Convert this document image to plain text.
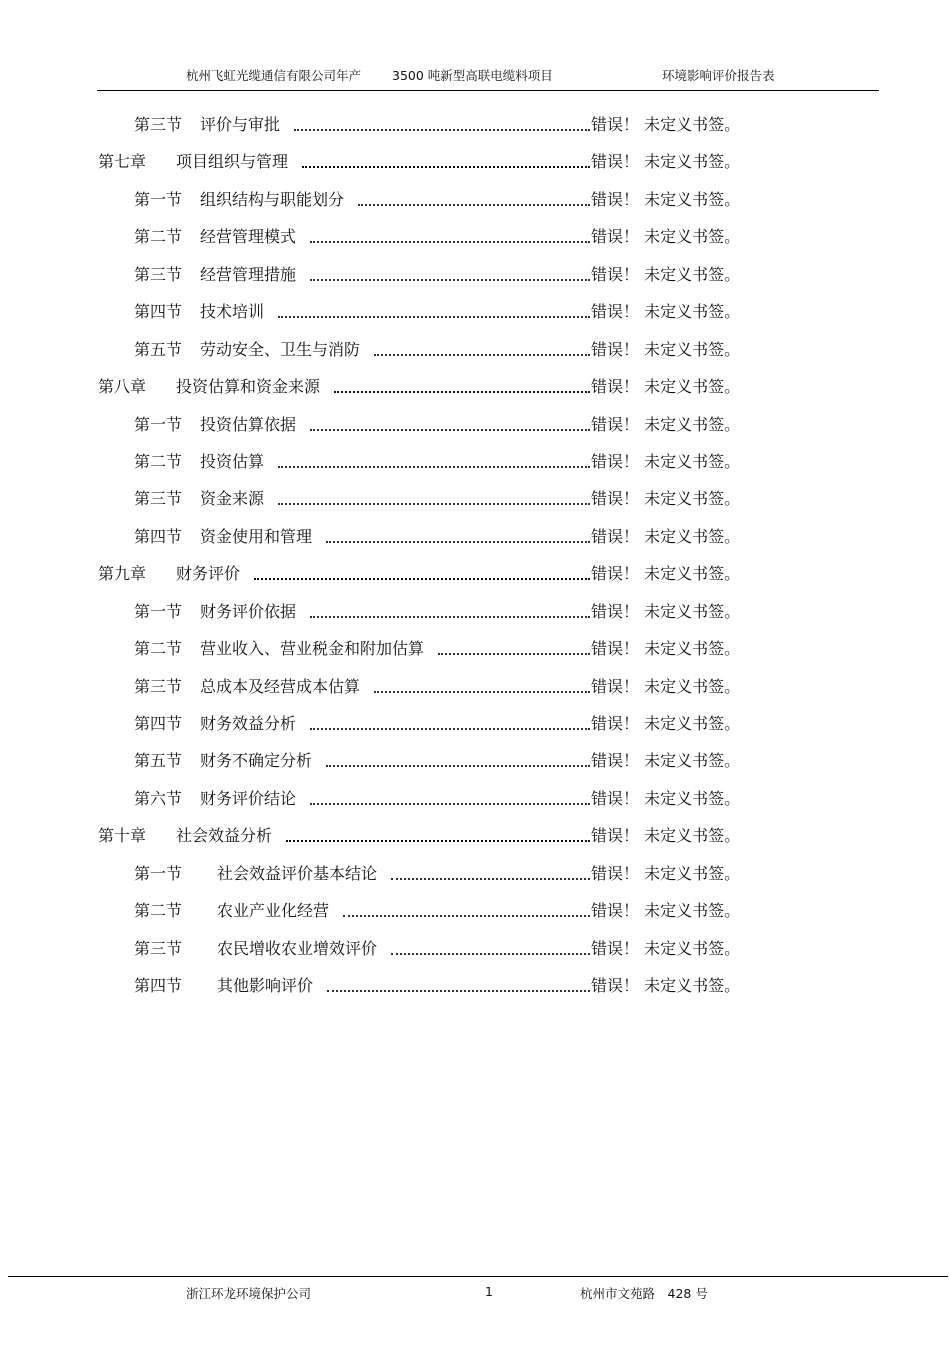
杭州飞虹光缆通信有限公司年产 3500 吨新型高联电缆料项目	环境影响评价报告表
第三节 评价与审批	错误！ 未定义书签。
第七章 项目组织与管理	错误！ 未定义书签。
第一节 组织结构与职能划分	错误！ 未定义书签。
第二节 经营管理模式	错误！ 未定义书签。
第三节 经营管理措施	错误！ 未定义书签。
第四节 技术培训	错误！ 未定义书签。
第五节 劳动安全、卫生与消防	错误！ 未定义书签。
第八章 投资估算和资金来源	错误！ 未定义书签。
第一节 投资估算依据	错误！ 未定义书签。
第二节 投资估算	错误！ 未定义书签。
第三节 资金来源	错误！ 未定义书签。
第四节 资金使用和管理	错误！ 未定义书签。
第九章 财务评价	错误！ 未定义书签。
第一节 财务评价依据	错误！ 未定义书签。
第二节 营业收入、营业税金和附加估算	错误！ 未定义书签。
第三节 总成本及经营成本估算	错误！ 未定义书签。
第四节 财务效益分析	错误！ 未定义书签。
第五节 财务不确定分析	错误！ 未定义书签。
第六节 财务评价结论	错误！ 未定义书签。
第十章 社会效益分析	错误！ 未定义书签。
第一节 社会效益评价基本结论	错误！ 未定义书签。
第二节 农业产业化经营	错误！ 未定义书签。
第三节 农民增收农业增效评价	错误！ 未定义书签。
第四节 其他影响评价	错误！ 未定义书签。
浙江环龙环境保护公司	1	杭州市文苑路　428 号
